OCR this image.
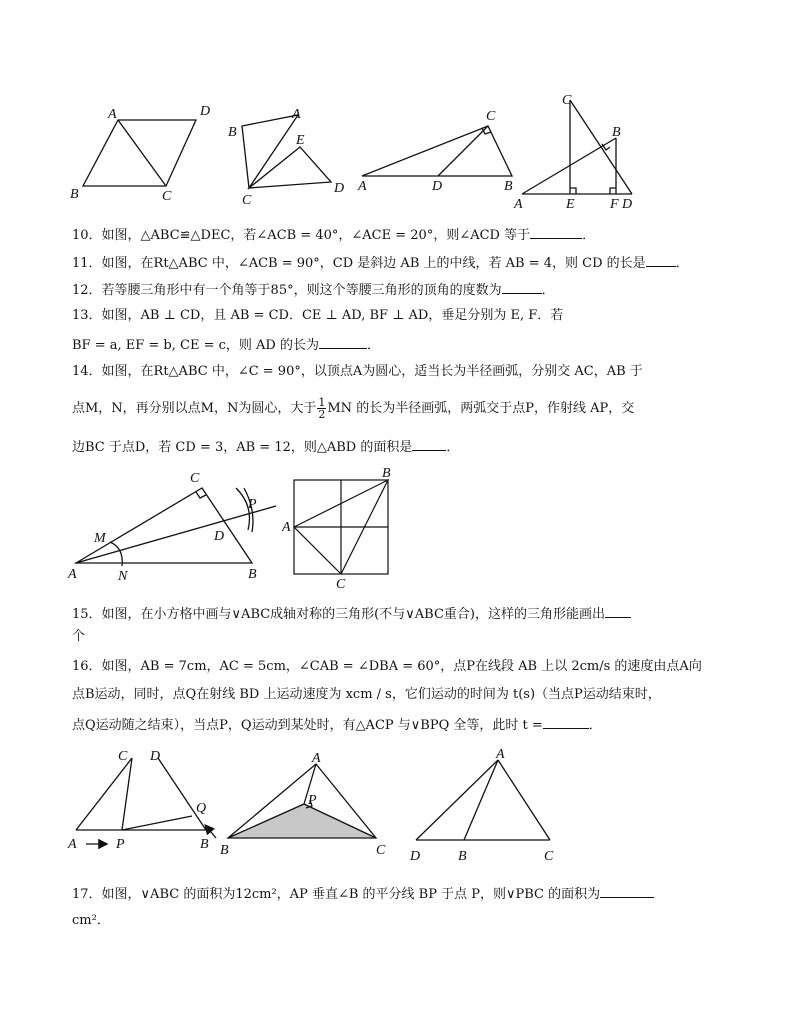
A	D
B	C
A
B
E
C
D
C
A	D	B
C
B
A	E	F D
10．如图，△ABC≌△DEC，若∠ACB = 40°，∠ACE = 20°，则∠ACD 等于	．
11．如图，在Rt△ABC 中，∠ACB = 90°，CD 是斜边 AB 上的中线，若 AB = 4，则 CD 的长是 ．
12．若等腰三角形中有一个角等于85°，则这个等腰三角形的顶角的度数为	．
13．如图，AB ⊥ CD，且 AB = CD．CE ⊥ AD, BF ⊥ AD，垂足分别为 E, F．若
BF = a, EF = b, CE = c，则 AD 的长为	．
14．如图，在Rt△ABC 中，∠C = 90°，以顶点A为圆心，适当长为半径画弧，分别交 AC，AB 于
点M，N，再分别以点M，N为圆心，大于 $\frac{1}{2}$ MN 的长为半径画弧，两弧交于点P，作射线 AP，交
边BC 于点D，若 CD = 3，AB = 12，则△ABD 的面积是	．
C
P
M	D
A	N	B
B
A
C
15．如图，在小方格中画与∨ABC成轴对称的三角形(不与∨ABC重合)，这样的三角形能画出
个
16．如图，AB = 7cm，AC = 5cm，∠CAB = ∠DBA = 60°，点P在线段 AB 上以 2cm/s 的速度由点A向
点B运动，同时，点Q在射线 BD 上运动速度为 xcm / s，它们运动的时间为 t(s)（当点P运动结束时，
点Q运动随之结束），当点P，Q运动到某处时，有△ACP 与∨BPQ 全等，此时 t =	．
C D
Q
A	P	B
A
P
B	C
A
D	B	C
17．如图，∨ABC 的面积为12cm²，AP 垂直∠B 的平分线 BP 于点 P，则∨PBC 的面积为
cm²．
